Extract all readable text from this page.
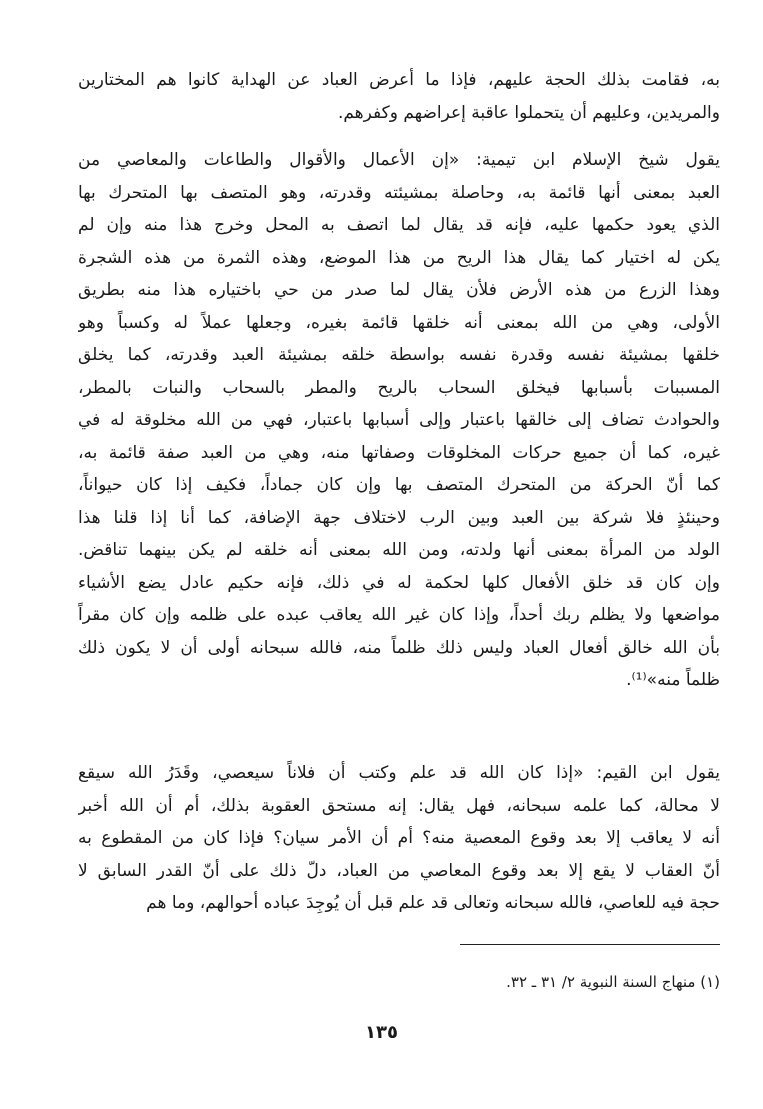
به، فقامت بذلك الحجة عليهم، فإذا ما أعرض العباد عن الهداية كانوا هم المختارين
والمريدين، وعليهم أن يتحملوا عاقبة إعراضهم وكفرهم.
يقول شيخ الإسلام ابن تيمية: «إن الأعمال والأقوال والطاعات والمعاصي من
العبد بمعنى أنها قائمة به، وحاصلة بمشيئته وقدرته، وهو المتصف بها المتحرك بها
الذي يعود حكمها عليه، فإنه قد يقال لما اتصف به المحل وخرج هذا منه وإن لم
يكن له اختيار كما يقال هذا الريح من هذا الموضع، وهذه الثمرة من هذه الشجرة
وهذا الزرع من هذه الأرض فلأن يقال لما صدر من حي باختياره هذا منه بطريق
الأولى، وهي من الله بمعنى أنه خلقها قائمة بغيره، وجعلها عملاً له وكسباً وهو
خلقها بمشيئة نفسه وقدرة نفسه بواسطة خلقه بمشيئة العبد وقدرته، كما يخلق
المسببات بأسبابها فيخلق السحاب بالريح والمطر بالسحاب والنبات بالمطر،
والحوادث تضاف إلى خالقها باعتبار وإلى أسبابها باعتبار، فهي من الله مخلوقة له في
غيره، كما أن جميع حركات المخلوقات وصفاتها منه، وهي من العبد صفة قائمة به،
كما أنّ الحركة من المتحرك المتصف بها وإن كان جماداً، فكيف إذا كان حيواناً،
وحينئذٍ فلا شركة بين العبد وبين الرب لاختلاف جهة الإضافة، كما أنا إذا قلنا هذا
الولد من المرأة بمعنى أنها ولدته، ومن الله بمعنى أنه خلقه لم يكن بينهما تناقض.
وإن كان قد خلق الأفعال كلها لحكمة له في ذلك، فإنه حكيم عادل يضع الأشياء
مواضعها ولا يظلم ربك أحداً، وإذا كان غير الله يعاقب عبده على ظلمه وإن كان مقراً
بأن الله خالق أفعال العباد وليس ذلك ظلماً منه، فالله سبحانه أولى أن لا يكون ذلك
ظلماً منه»⁽¹⁾.
يقول ابن القيم: «إذا كان الله قد علم وكتب أن فلاناً سيعصي، وقَدَرُ الله سيقع
لا محالة، كما علمه سبحانه، فهل يقال: إنه مستحق العقوبة بذلك، أم أن الله أخبر
أنه لا يعاقب إلا بعد وقوع المعصية منه؟ أم أن الأمر سيان؟ فإذا كان من المقطوع به
أنّ العقاب لا يقع إلا بعد وقوع المعاصي من العباد، دلّ ذلك على أنّ القدر السابق لا
حجة فيه للعاصي، فالله سبحانه وتعالى قد علم قبل أن يُوجِدَ عباده أحوالهم، وما هم
(١) منهاج السنة النبوية ٢/ ٣١ ـ ٣٢.
١٣٥
